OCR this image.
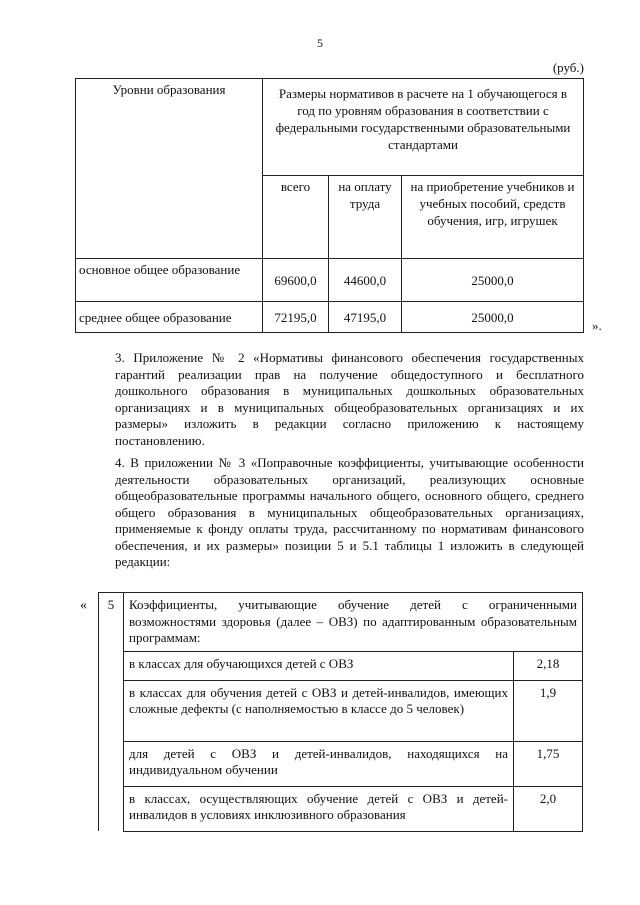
5
(руб.)
Уровни образования	Размеры нормативов в расчете на 1 обучающегося в год по уровням образования в соответствии с федеральными государственными образовательными стандартами		
	всего	на оплату труда	на приобретение учебников и учебных пособий, средств обучения, игр, игрушек
основное общее образование	69600,0	44600,0	25000,0
среднее общее образование	72195,0	47195,0	25000,0
».
3. Приложение № 2 «Нормативы финансового обеспечения государственных гарантий реализации прав на получение общедоступного и бесплатного дошкольного образования в муниципальных дошкольных образовательных организациях и в муниципальных общеобразовательных организациях и их размеры» изложить в редакции согласно приложению к настоящему постановлению.
4. В приложении № 3 «Поправочные коэффициенты, учитывающие особенности деятельности образовательных организаций, реализующих основные общеобразовательные программы начального общего, основного общего, среднего общего образования в муниципальных общеобразовательных организациях, применяемые к фонду оплаты труда, рассчитанному по нормативам финансового обеспечения, и их размеры» позиции 5 и 5.1 таблицы 1 изложить в следующей редакции:
« 5	Коэффициенты, учитывающие обучение детей с ограниченными возможностями здоровья (далее – ОВЗ) по адаптированным образовательным программам:	
	в классах для обучающихся детей с ОВЗ	2,18
	в классах для обучения детей с ОВЗ и детей-инвалидов, имеющих сложные дефекты (с наполняемостью в классе до 5 человек)	1,9
	для детей с ОВЗ и детей-инвалидов, находящихся на индивидуальном обучении	1,75
	в классах, осуществляющих обучение детей с ОВЗ и детей-инвалидов в условиях инклюзивного образования	2,0
